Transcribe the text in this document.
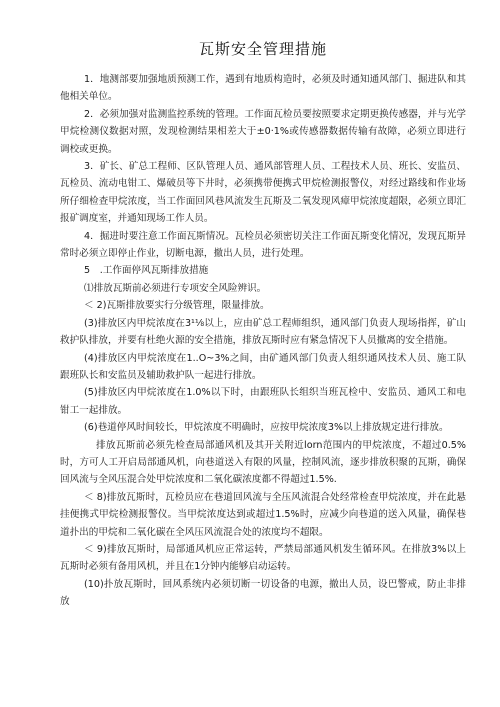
瓦斯安全管理措施

1．地测部要加强地质预测工作，遇到有地质构造时，必须及时通知通风部门、掘进队和其他相关单位。

2．必须加强对监测监控系统的管理。工作面瓦检员要按照要求定期更换传感器，并与光学甲烷检测仪数据对照，发现检测结果相差大于±0·1%或传感器数据传输有故障，必须立即进行调校或更换。

3．矿长、矿总工程师、区队管理人员、通风部管理人员、工程技术人员、班长、安监员、瓦检员、流动电钳工、爆破员等下井时，必须携带便携式甲烷检测报警仪，对经过路线和作业场所仔细检查甲烷浓度，当工作面回风巷风流发生瓦斯及二氧发现风瘴甲烷浓度超限，必须立即汇报矿调度室，并通知现场工作人员。

4．掘进时要注意工作面瓦斯情况。瓦检员必须密切关注工作面瓦斯变化情况，发现瓦斯异常时必须立即停止作业，切断电源，撤出人员，进行处理。

5　.工作面停风瓦斯排放措施

⑴排放瓦斯前必须进行专项安全风险辨识。

＜ 2)瓦斯排放要实行分级管理，限量排放。

(3)排放区内甲烷浓度在3¹⅛以上，应由矿总工程师组织，通风部门负责人现场指挥，矿山救护队排放，并要有杜绝火源的安全措施，排放瓦斯时应有紧急情况下人员撤离的安全措施。

(4)排放区内甲烷浓度在1..O~3%之间，由矿通风部门负责人组织通风技术人员、施工队跟班队长和安监员及辅助救护队一起进行排放。

(5)排放区内甲烷浓度在1.0%以下时，由跟班队长组织当班瓦检中、安监员、通风工和电钳工一起排放。

(6)巷道停风时间较长，甲烷浓度不明确时，应按甲烷浓度3%以上排放规定进行排放。

排放瓦斯前必须先检查局部通风机及其开关附近lorn范围内的甲烷浓度，不超过0.5%时，方可人工开启局部通风机，向巷道送入有限的风量，控制风流，逐步排放积聚的瓦斯，确保回风流与全风压混合处甲烷浓度和二氧化碳浓度都不得超过1.5%.

＜ 8)排放瓦斯时，瓦检员应在巷道回风流与全压风流混合处经常检查甲烷浓度，并在此悬挂便携式甲烷检测报警仪。当甲烷浓度达到或超过1.5%时，应减少向巷道的送入风量，确保巷道扑出的甲烷和二氧化碳在全风压风流混合处的浓度均不超限。

＜ 9)排放瓦斯时，局部通风机应正常运转，严禁局部通风机发生循环风。在排放3%以上瓦斯时必须有备用风机，并且在1分钟内能够启动运转。

(10)扑放瓦斯时，回风系统内必须切断一切设备的电源，撤出人员，设巴警戒，防止非排放
